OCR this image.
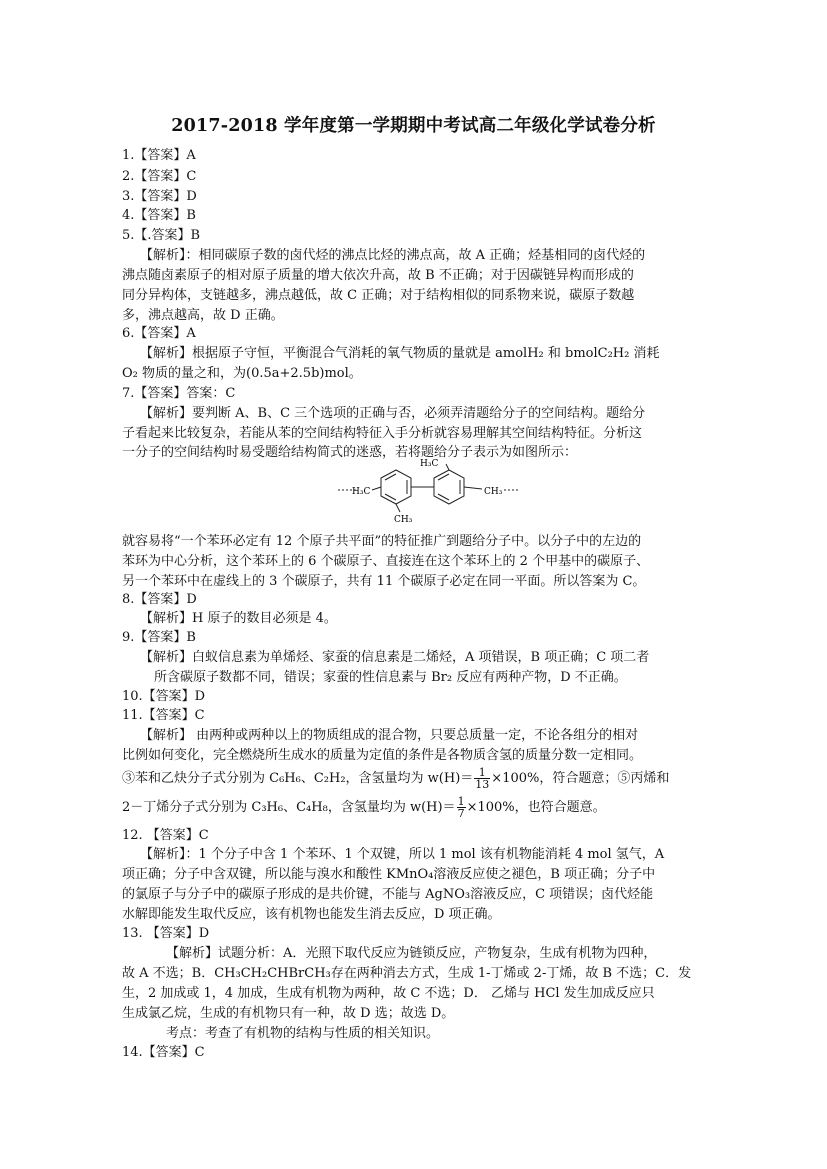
2017-2018 学年度第一学期期中考试高二年级化学试卷分析
1.【答案】A
2.【答案】C
3.【答案】D
4.【答案】B
5.【.答案】B
【解析】：相同碳原子数的卤代烃的沸点比烃的沸点高，故 A 正确；烃基相同的卤代烃的
沸点随卤素原子的相对原子质量的增大依次升高，故 B 不正确；对于因碳链异构而形成的
同分异构体，支链越多，沸点越低，故 C 正确；对于结构相似的同系物来说，碳原子数越
多，沸点越高，故 D 正确。
6.【答案】A
【解析】根据原子守恒，平衡混合气消耗的氧气物质的量就是 amolH₂ 和 bmolC₂H₂ 消耗
O₂ 物质的量之和，为(0.5a+2.5b)mol。
7.【答案】答案：C
【解析】要判断 A、B、C 三个选项的正确与否，必须弄清题给分子的空间结构。题给分
子看起来比较复杂，若能从苯的空间结构特征入手分析就容易理解其空间结构特征。分析这
一分子的空间结构时易受题给结构简式的迷惑，若将题给分子表示为如图所示：
H₃C	CH₃
H₃C
CH₃
就容易将“一个苯环必定有 12 个原子共平面”的特征推广到题给分子中。以分子中的左边的
苯环为中心分析，这个苯环上的 6 个碳原子、直接连在这个苯环上的 2 个甲基中的碳原子、
另一个苯环中在虚线上的 3 个碳原子，共有 11 个碳原子必定在同一平面。所以答案为 C。
8.【答案】D
【解析】H 原子的数目必须是 4。
9.【答案】B
【解析】白蚁信息素为单烯烃、家蚕的信息素是二烯烃，A 项错误，B 项正确；C 项二者
所含碳原子数都不同，错误；家蚕的性信息素与 Br₂ 反应有两种产物，D 不正确。
10.【答案】D
11.【答案】C
【解析】 由两种或两种以上的物质组成的混合物，只要总质量一定，不论各组分的相对
比例如何变化，完全燃烧所生成水的质量为定值的条件是各物质含氢的质量分数一定相同。
③苯和乙炔分子式分别为 C₆H₆、C₂H₂，含氢量均为 $w(H)= \frac{1}{13} \times 100\%$，符合题意；⑤丙烯和
2－丁烯分子式分别为 C₃H₆、C₄H₈，含氢量均为 $w(H)= \frac{1}{7} \times 100\%$，也符合题意。
12. 【答案】C
【解析】：1 个分子中含 1 个苯环、1 个双键，所以 1 mol 该有机物能消耗 4 mol 氢气，A
项正确；分子中含双键，所以能与溴水和酸性 KMnO₄溶液反应使之褪色，B 项正确；分子中
的氯原子与分子中的碳原子形成的是共价键，不能与 AgNO₃溶液反应，C 项错误；卤代烃能
水解即能发生取代反应，该有机物也能发生消去反应，D 项正确。
13. 【答案】D
【解析】试题分析：A．光照下取代反应为链锁反应，产物复杂，生成有机物为四种，
故 A 不选；B．CH₃CH₂CHBrCH₃存在两种消去方式，生成 1-丁烯或 2-丁烯，故 B 不选；C．发
生，2 加成或 1，4 加成，生成有机物为两种，故 C 不选；D． 乙烯与 HCl 发生加成反应只
生成氯乙烷，生成的有机物只有一种，故 D 选；故选 D。
考点：考查了有机物的结构与性质的相关知识。
14.【答案】C
